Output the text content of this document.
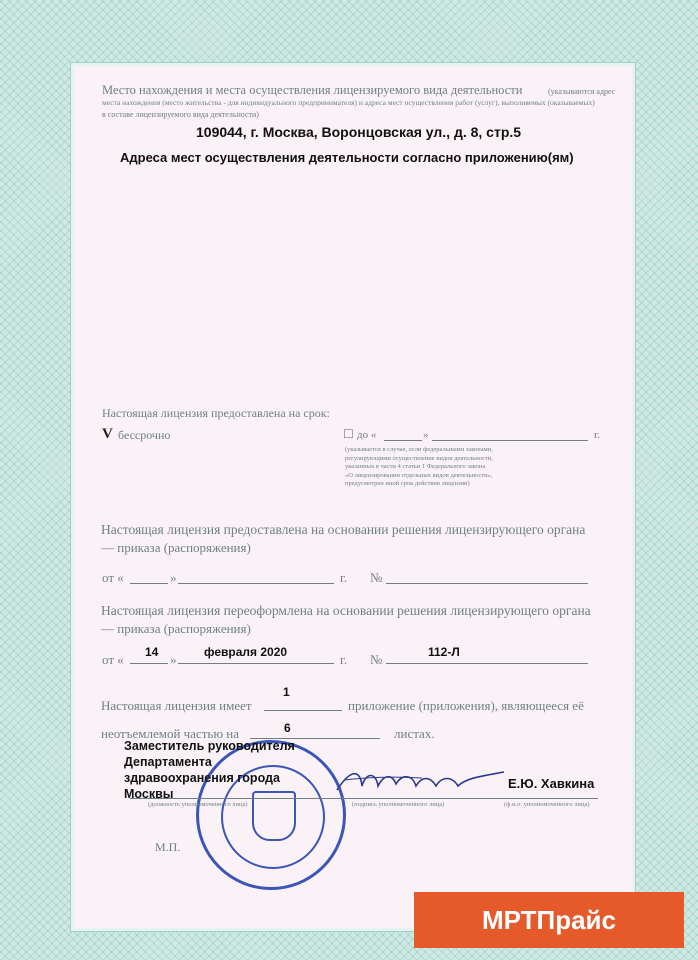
Место нахождения и места осуществления лицензируемого вида деятельности	(указываются адрес
места нахождения (место жительства - для индивидуального предпринимателя) и адреса мест осуществления работ (услуг), выполняемых (оказываемых)
в составе лицензируемого вида деятельности)
109044, г. Москва, Воронцовская ул., д. 8, стр.5
Адреса мест осуществления деятельности согласно приложению(ям)
Настоящая лицензия предоставлена на срок:
V бессрочно	☐ до «	»	г.
(указывается в случае, если федеральными законами,
регулирующими осуществление видов деятельности,
указанных в части 4 статьи 1 Федерального закона
«О лицензировании отдельных видов деятельности»,
предусмотрен иной срок действия лицензии)
Настоящая лицензия предоставлена на основании решения лицензирующего органа
— приказа (распоряжения)
от «	»	г. №
Настоящая лицензия переоформлена на основании решения лицензирующего органа
— приказа (распоряжения)
от « 14 » февраля 2020	г. №	112-Л
Настоящая лицензия имеет
1
приложение (приложения), являющееся её
неотъемлемой частью на	6	листах.
Заместитель руководителя
Департамента
здравоохранения города
Москвы
Е.Ю. Хавкина
(должность уполномоченного лица)	(подпись уполномоченного лица)	(ф.и.о. уполномоченного лица)
М.П.
МРТПрайс
